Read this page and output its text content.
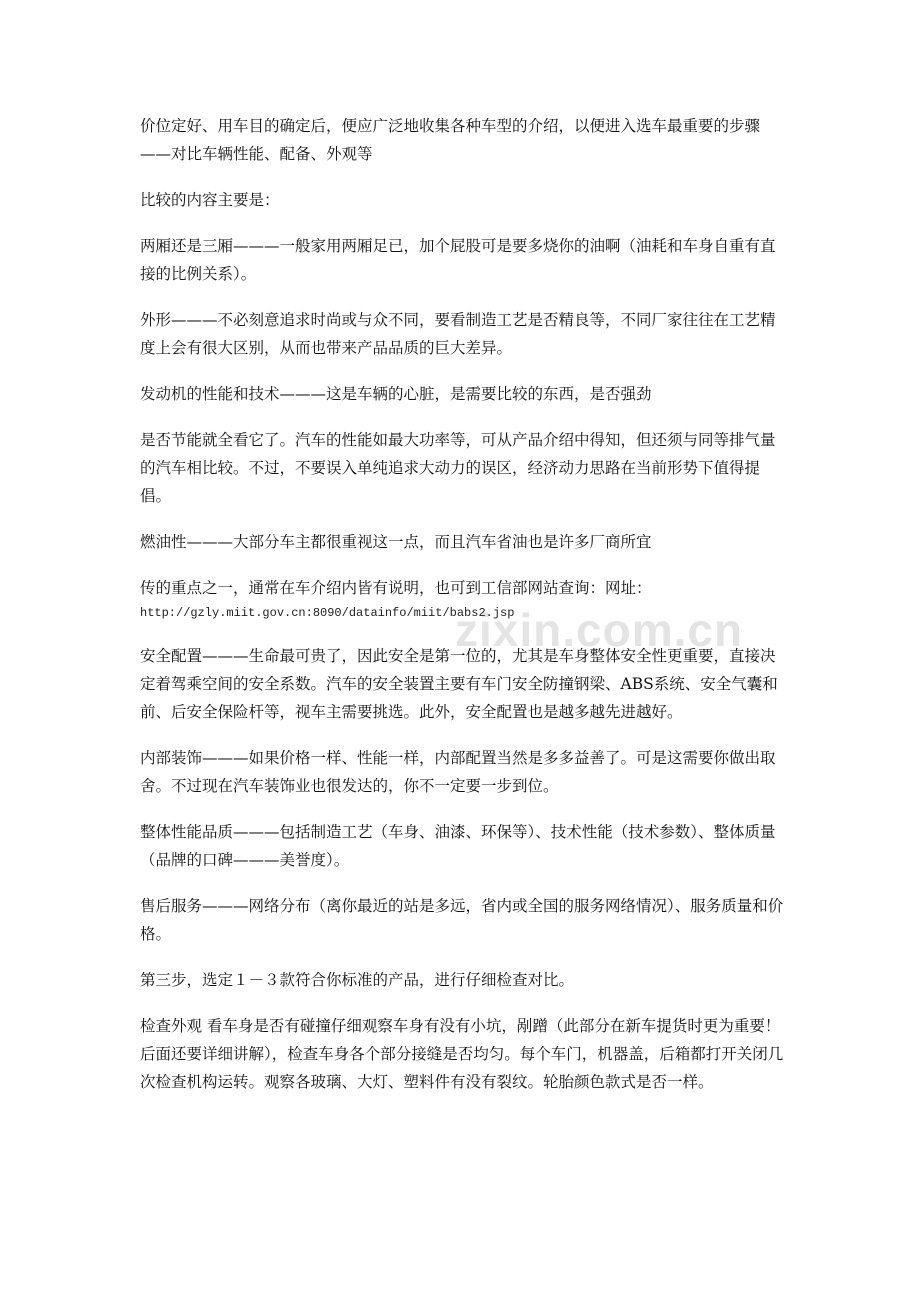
zixin.com.cn

价位定好、用车目的确定后，便应广泛地收集各种车型的介绍，以便进入选车最重要的步骤——对比车辆性能、配备、外观等

比较的内容主要是：

两厢还是三厢———一般家用两厢足已，加个屁股可是要多烧你的油啊（油耗和车身自重有直接的比例关系）。

外形———不必刻意追求时尚或与众不同，要看制造工艺是否精良等，不同厂家往往在工艺精度上会有很大区别，从而也带来产品品质的巨大差异。

发动机的性能和技术———这是车辆的心脏，是需要比较的东西，是否强劲

是否节能就全看它了。汽车的性能如最大功率等，可从产品介绍中得知，但还须与同等排气量的汽车相比较。不过，不要误入单纯追求大动力的误区，经济动力思路在当前形势下值得提倡。

燃油性———大部分车主都很重视这一点，而且汽车省油也是许多厂商所宜

传的重点之一，通常在车介绍内皆有说明，也可到工信部网站查询：网址：
http://gzly.miit.gov.cn:8090/datainfo/miit/babs2.jsp

安全配置———生命最可贵了，因此安全是第一位的，尤其是车身整体安全性更重要，直接决定着驾乘空间的安全系数。汽车的安全装置主要有车门安全防撞钢梁、ABS系统、安全气囊和前、后安全保险杆等，视车主需要挑选。此外，安全配置也是越多越先进越好。

内部装饰———如果价格一样、性能一样，内部配置当然是多多益善了。可是这需要你做出取舍。不过现在汽车装饰业也很发达的，你不一定要一步到位。

整体性能品质———包括制造工艺（车身、油漆、环保等）、技术性能（技术参数）、整体质量（品牌的口碑———美誉度）。

售后服务———网络分布（离你最近的站是多远，省内或全国的服务网络情况）、服务质量和价格。

第三步，选定１－３款符合你标准的产品，进行仔细检查对比。

检查外观 看车身是否有碰撞仔细观察车身有没有小坑，剐蹭（此部分在新车提货时更为重要！后面还要详细讲解），检查车身各个部分接缝是否均匀。每个车门，机器盖，后箱都打开关闭几次检查机构运转。观察各玻璃、大灯、塑料件有没有裂纹。轮胎颜色款式是否一样。
